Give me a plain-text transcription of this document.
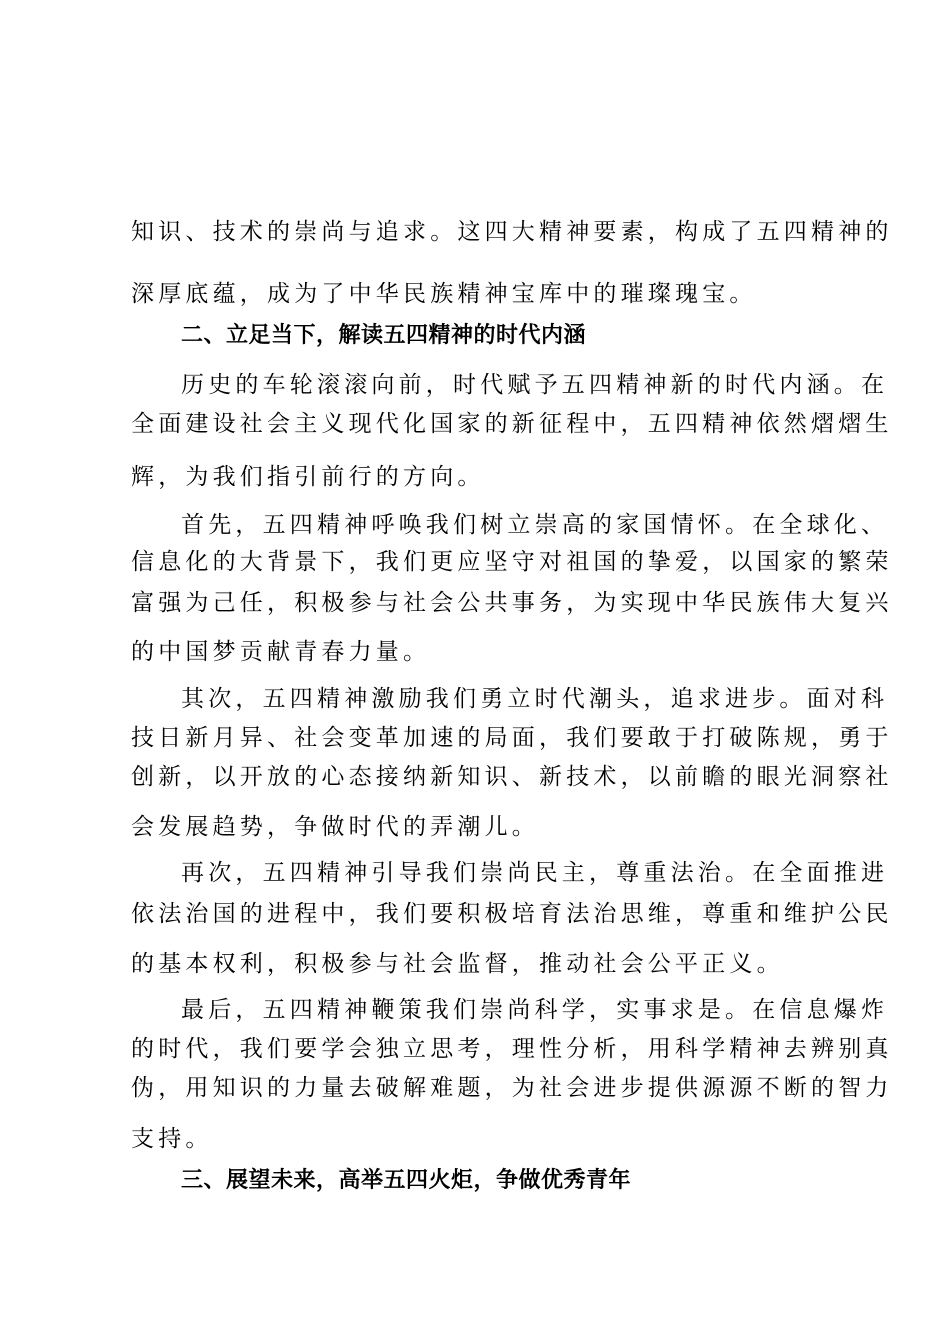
知识、技术的崇尚与追求。这四大精神要素，构成了五四精神的
深厚底蕴，成为了中华民族精神宝库中的璀璨瑰宝。
二、立足当下，解读五四精神的时代内涵
历史的车轮滚滚向前，时代赋予五四精神新的时代内涵。在
全面建设社会主义现代化国家的新征程中，五四精神依然熠熠生
辉，为我们指引前行的方向。
首先，五四精神呼唤我们树立崇高的家国情怀。在全球化、
信息化的大背景下，我们更应坚守对祖国的挚爱，以国家的繁荣
富强为己任，积极参与社会公共事务，为实现中华民族伟大复兴
的中国梦贡献青春力量。
其次，五四精神激励我们勇立时代潮头，追求进步。面对科
技日新月异、社会变革加速的局面，我们要敢于打破陈规，勇于
创新，以开放的心态接纳新知识、新技术，以前瞻的眼光洞察社
会发展趋势，争做时代的弄潮儿。
再次，五四精神引导我们崇尚民主，尊重法治。在全面推进
依法治国的进程中，我们要积极培育法治思维，尊重和维护公民
的基本权利，积极参与社会监督，推动社会公平正义。
最后，五四精神鞭策我们崇尚科学，实事求是。在信息爆炸
的时代，我们要学会独立思考，理性分析，用科学精神去辨别真
伪，用知识的力量去破解难题，为社会进步提供源源不断的智力
支持。
三、展望未来，高举五四火炬，争做优秀青年
